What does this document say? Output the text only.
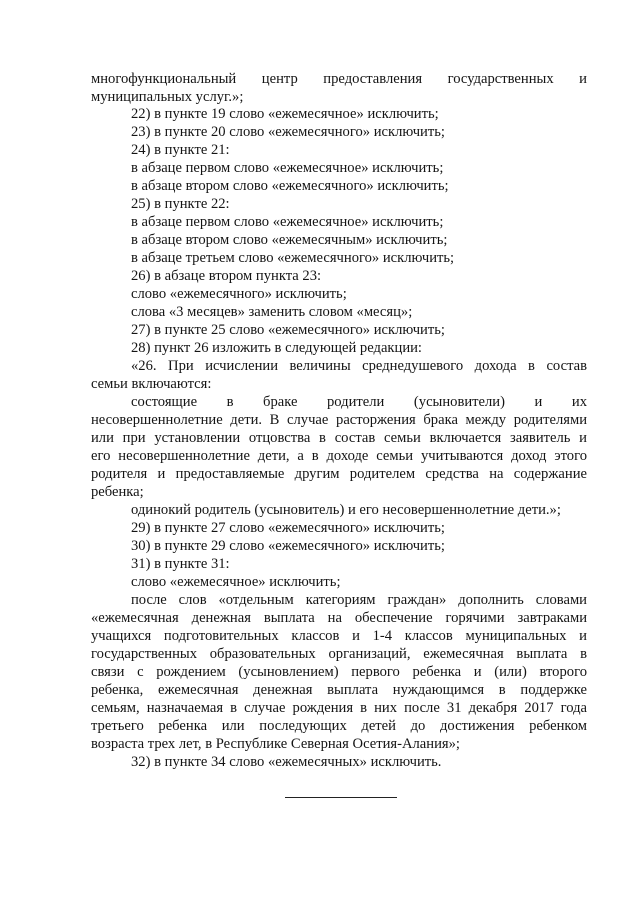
многофункциональный центр предоставления государственных и
муниципальных услуг.»;
22) в пункте 19 слово «ежемесячное» исключить;
23) в пункте 20 слово «ежемесячного» исключить;
24) в пункте 21:
в абзаце первом слово «ежемесячное» исключить;
в абзаце втором слово «ежемесячного» исключить;
25) в пункте 22:
в абзаце первом слово «ежемесячное» исключить;
в абзаце втором слово «ежемесячным» исключить;
в абзаце третьем слово «ежемесячного» исключить;
26) в абзаце втором пункта 23:
слово «ежемесячного» исключить;
слова «3 месяцев» заменить словом «месяц»;
27) в пункте 25 слово «ежемесячного» исключить;
28) пункт 26 изложить в следующей редакции:
«26. При исчислении величины среднедушевого дохода в состав
семьи включаются:
состоящие в браке родители (усыновители) и их
несовершеннолетние дети. В случае расторжения брака между родителями
или при установлении отцовства в состав семьи включается заявитель и
его несовершеннолетние дети, а в доходе семьи учитываются доход этого
родителя и предоставляемые другим родителем средства на содержание
ребенка;
одинокий родитель (усыновитель) и его несовершеннолетние дети.»;
29) в пункте 27 слово «ежемесячного» исключить;
30) в пункте 29 слово «ежемесячного» исключить;
31) в пункте 31:
слово «ежемесячное» исключить;
после слов «отдельным категориям граждан» дополнить словами
«ежемесячная денежная выплата на обеспечение горячими завтраками
учащихся подготовительных классов и 1-4 классов муниципальных и
государственных образовательных организаций, ежемесячная выплата в
связи с рождением (усыновлением) первого ребенка и (или) второго
ребенка, ежемесячная денежная выплата нуждающимся в поддержке
семьям, назначаемая в случае рождения в них после 31 декабря 2017 года
третьего ребенка или последующих детей до достижения ребенком
возраста трех лет, в Республике Северная Осетия-Алания»;
32) в пункте 34 слово «ежемесячных» исключить.
